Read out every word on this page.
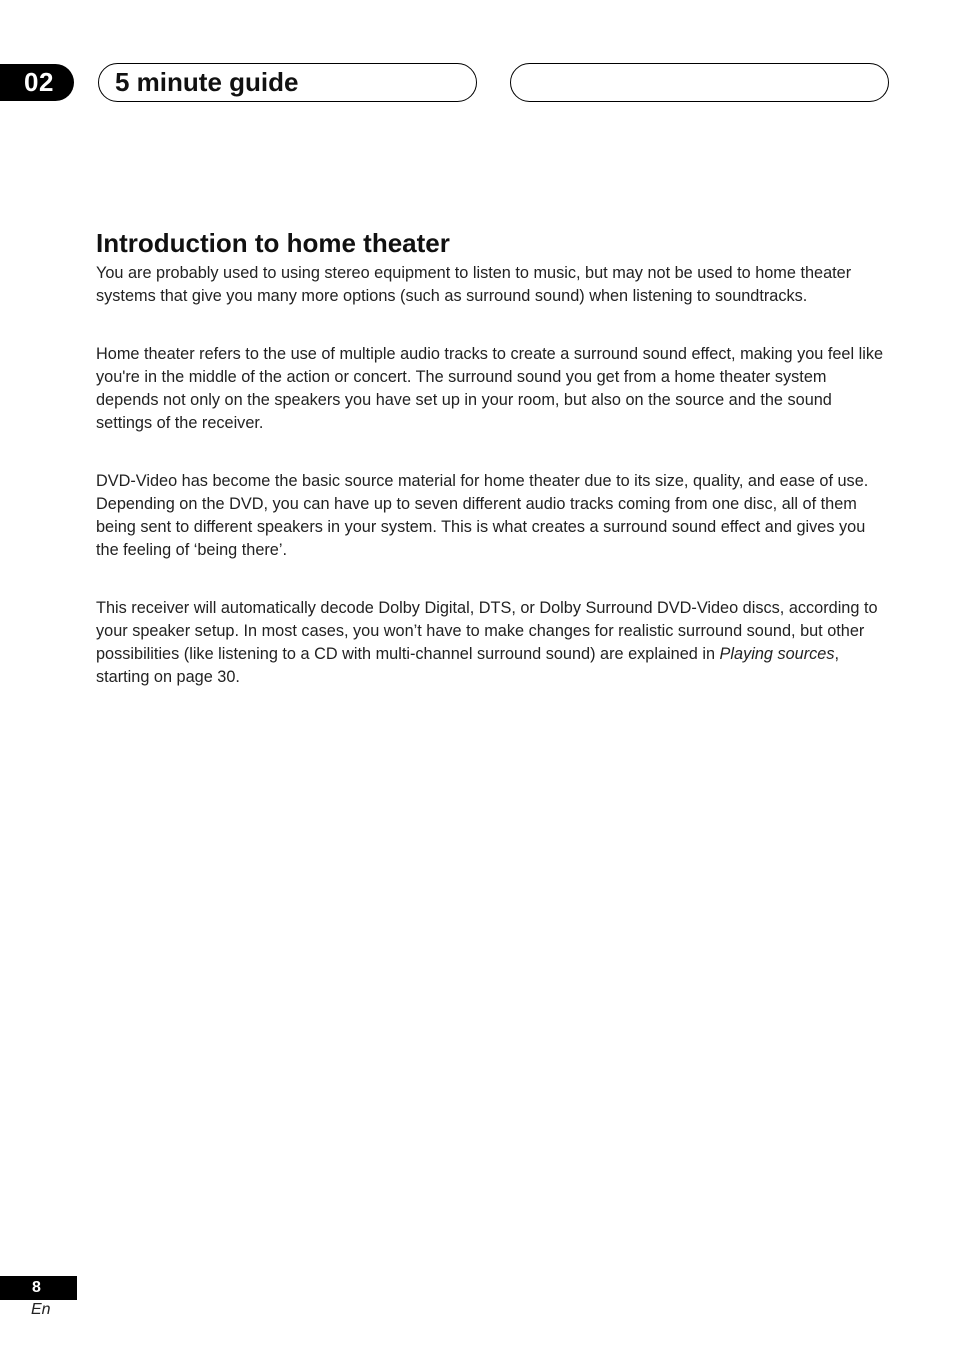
02	5 minute guide
Introduction to home theater

You are probably used to using stereo equipment to listen to music, but may not be used to home theater systems that give you many more options (such as surround sound) when listening to soundtracks.

Home theater refers to the use of multiple audio tracks to create a surround sound effect, making you feel like you're in the middle of the action or concert. The surround sound you get from a home theater system depends not only on the speakers you have set up in your room, but also on the source and the sound settings of the receiver.

DVD-Video has become the basic source material for home theater due to its size, quality, and ease of use. Depending on the DVD, you can have up to seven different audio tracks coming from one disc, all of them being sent to different speakers in your system. This is what creates a surround sound effect and gives you the feeling of ‘being there’.

This receiver will automatically decode Dolby Digital, DTS, or Dolby Surround DVD-Video discs, according to your speaker setup. In most cases, you won’t have to make changes for realistic surround sound, but other possibilities (like listening to a CD with multi-channel surround sound) are explained in Playing sources, starting on page 30.

8
En
